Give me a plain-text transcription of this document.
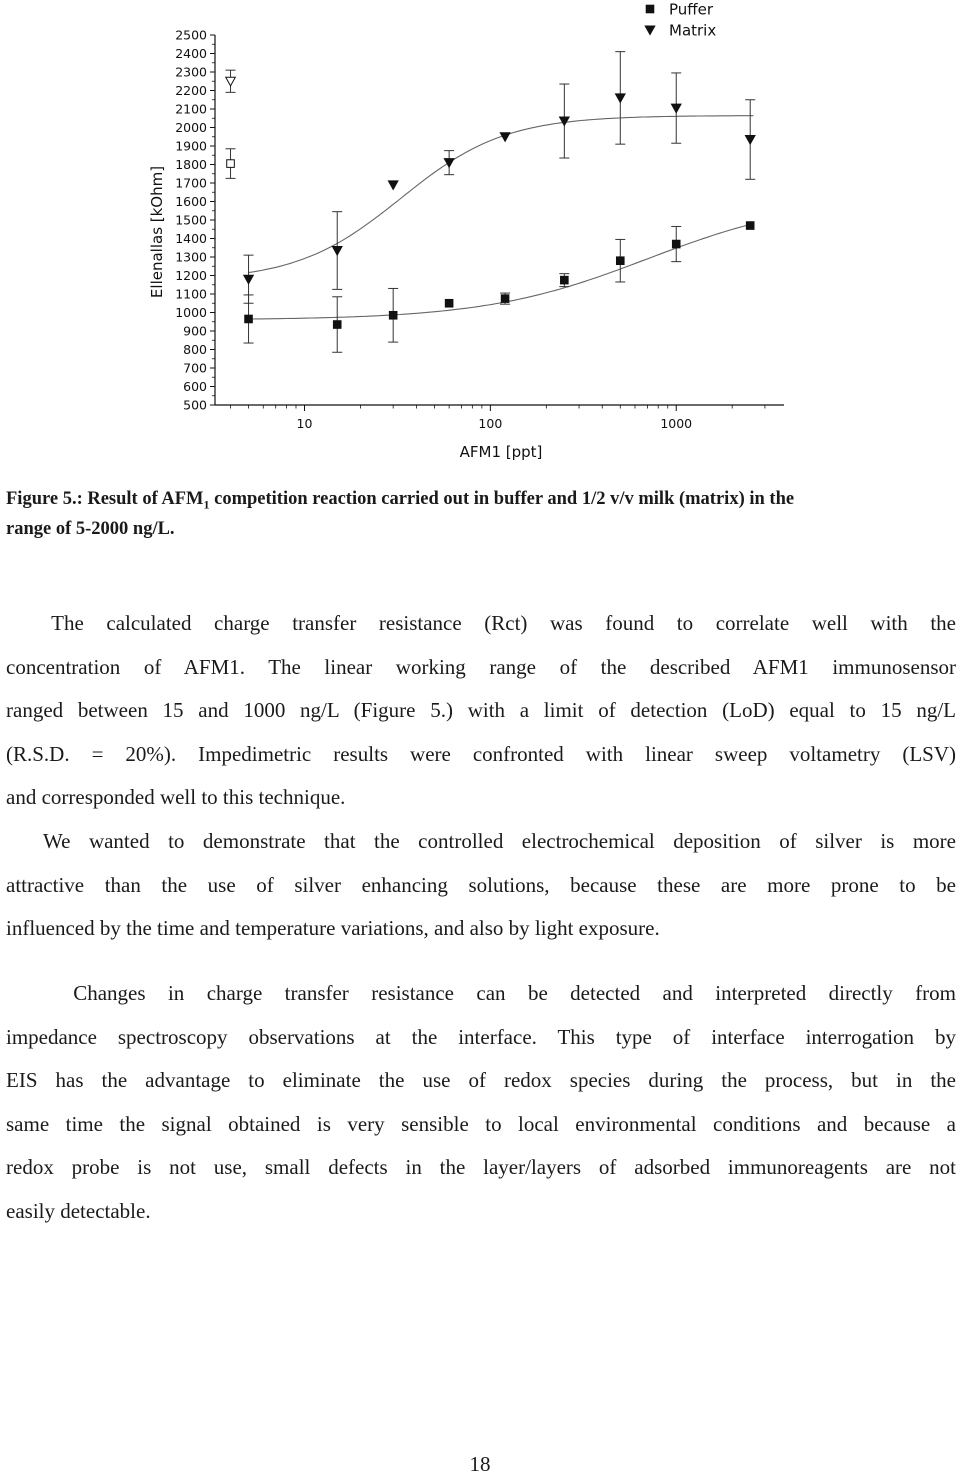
500
600
700
800
900
1000
1100
1200
1300
1400
1500
1600
1700
1800
1900
2000
2100
2200
2300
2400
2500
10	100	1000
Puffer
Matrix
AFM1 [ppt]
Ellenallas [kOhm]
Figure 5.: Result of $AFM_1$ competition reaction carried out in buffer and 1/2 v/v milk (matrix) in the
range of 5-2000 ng/L.
The calculated charge transfer resistance (Rct) was found to correlate well with the
concentration of AFM1. The linear working range of the described AFM1 immunosensor
ranged between 15 and 1000 ng/L (Figure 5.) with a limit of detection (LoD) equal to 15 ng/L
(R.S.D. = 20%). Impedimetric results were confronted with linear sweep voltametry (LSV)
and corresponded well to this technique.
We wanted to demonstrate that the controlled electrochemical deposition of silver is more
attractive than the use of silver enhancing solutions, because these are more prone to be
influenced by the time and temperature variations, and also by light exposure.
Changes in charge transfer resistance can be detected and interpreted directly from
impedance spectroscopy observations at the interface. This type of interface interrogation by
EIS has the advantage to eliminate the use of redox species during the process, but in the
same time the signal obtained is very sensible to local environmental conditions and because a
redox probe is not use, small defects in the layer/layers of adsorbed immunoreagents are not
easily detectable.
18
